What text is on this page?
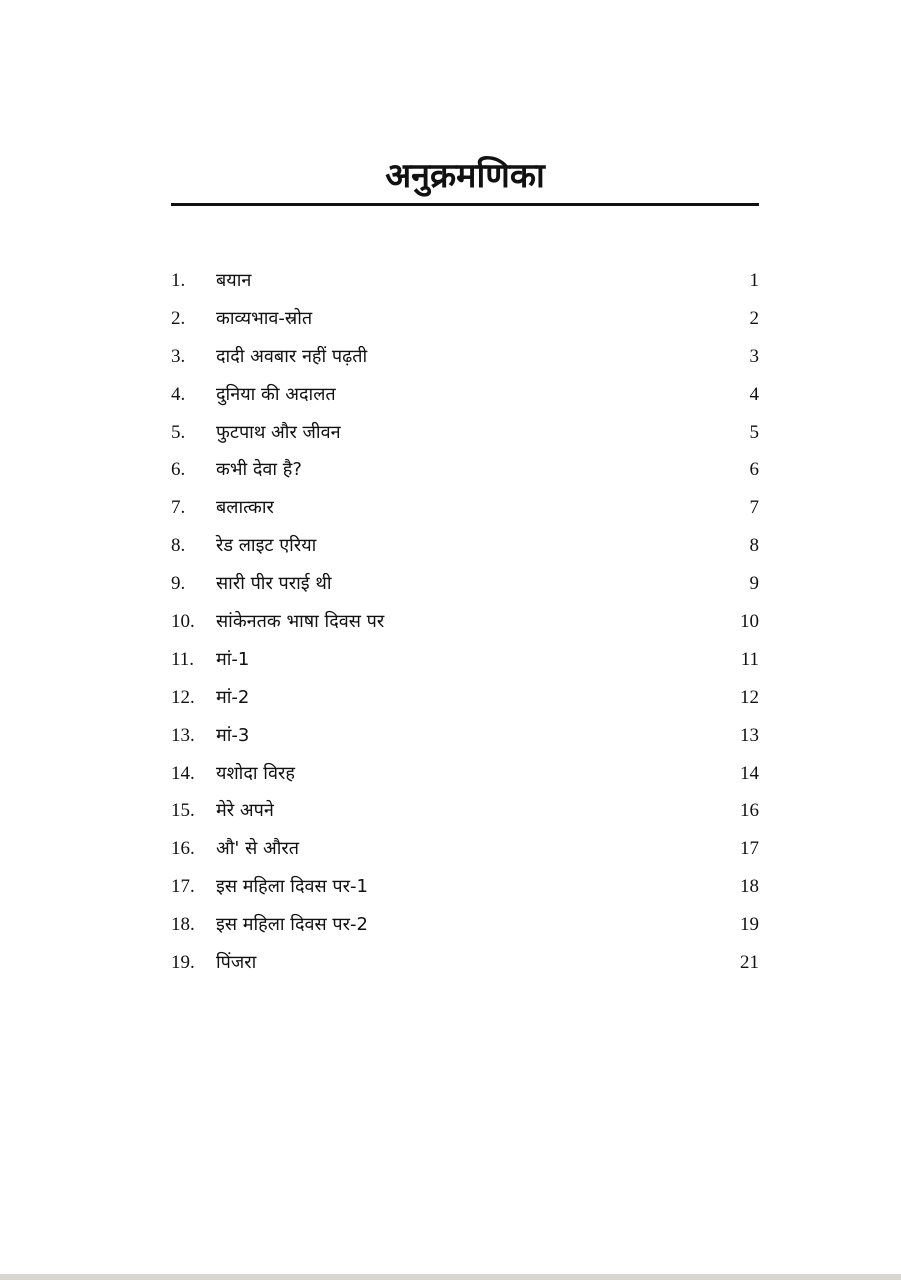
अनुक्रमणिका
1. बयान	1
2. काव्यभाव-स्रोत	2
3. दादी अवबार नहीं पढ़ती	3
4. दुनिया की अदालत	4
5. फुटपाथ और जीवन	5
6. कभी देवा है?	6
7. बलात्कार	7
8. रेड लाइट एरिया	8
9. सारी पीर पराई थी	9
10. सांकेनतक भाषा दिवस पर	10
11. मां-1	11
12. मां-2	12
13. मां-3	13
14. यशोदा विरह	14
15. मेरे अपने	16
16. औ' से औरत	17
17. इस महिला दिवस पर-1	18
18. इस महिला दिवस पर-2	19
19. पिंजरा	21
